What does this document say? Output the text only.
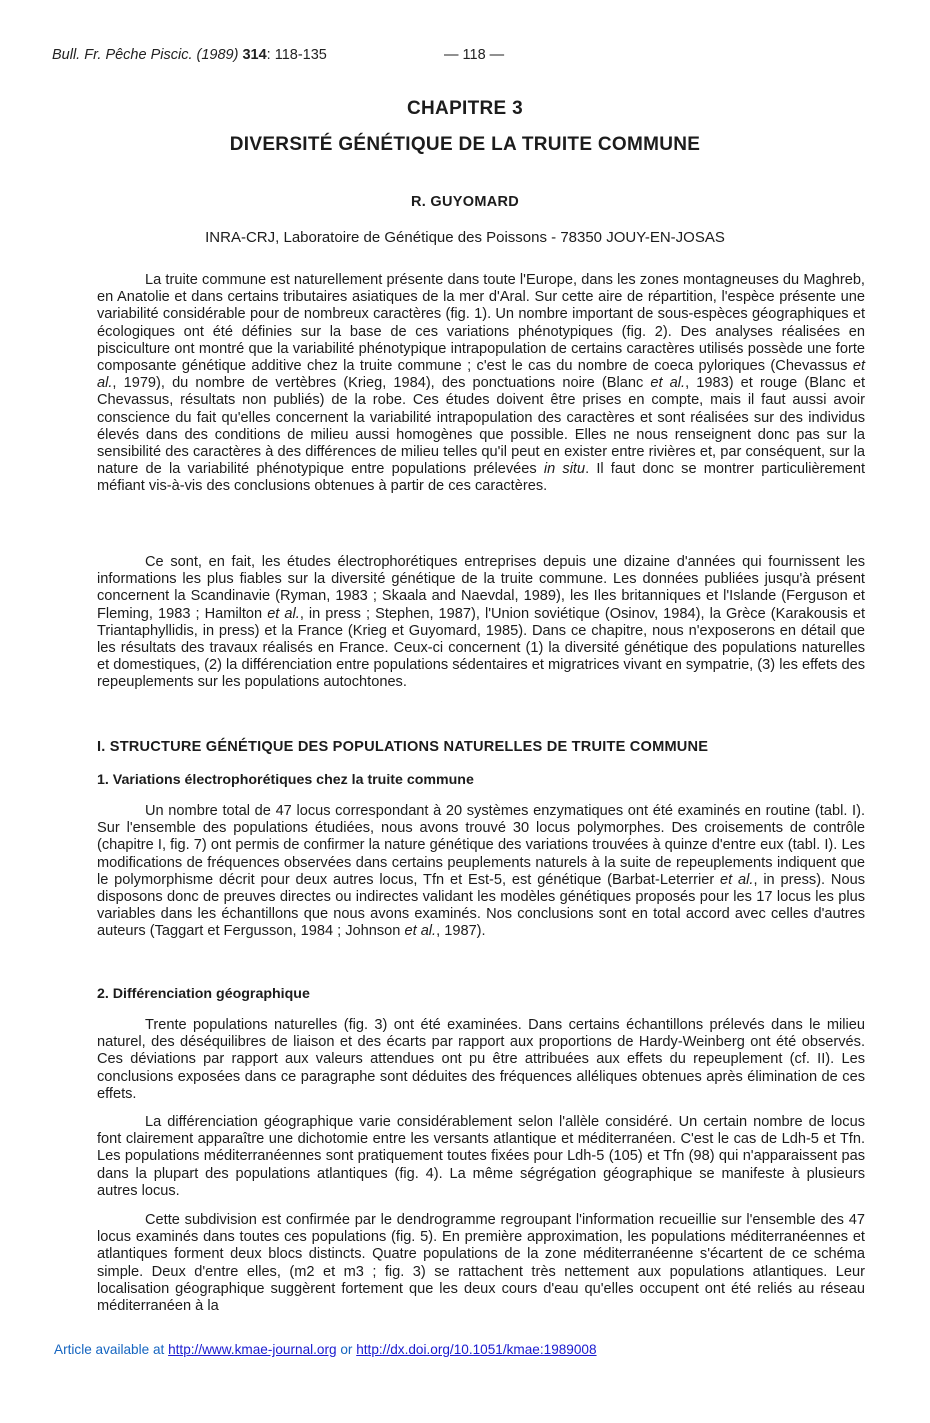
Bull. Fr. Pêche Piscic. (1989) 314: 118-135	— 118 —
CHAPITRE 3
DIVERSITÉ GÉNÉTIQUE DE LA TRUITE COMMUNE
R. GUYOMARD
INRA-CRJ, Laboratoire de Génétique des Poissons - 78350 JOUY-EN-JOSAS

La truite commune est naturellement présente dans toute l'Europe, dans les zones montagneuses du Maghreb, en Anatolie et dans certains tributaires asiatiques de la mer d'Aral. Sur cette aire de répartition, l'espèce présente une variabilité considérable pour de nombreux caractères (fig. 1). Un nombre important de sous-espèces géographiques et écologiques ont été définies sur la base de ces variations phénotypiques (fig. 2). Des analyses réalisées en pisciculture ont montré que la variabilité phénotypique intrapopulation de certains caractères utilisés possède une forte composante génétique additive chez la truite commune ; c'est le cas du nombre de coeca pyloriques (Chevassus et al., 1979), du nombre de vertèbres (Krieg, 1984), des ponctuations noire (Blanc et al., 1983) et rouge (Blanc et Chevassus, résultats non publiés) de la robe. Ces études doivent être prises en compte, mais il faut aussi avoir conscience du fait qu'elles concernent la variabilité intrapopulation des caractères et sont réalisées sur des individus élevés dans des conditions de milieu aussi homogènes que possible. Elles ne nous renseignent donc pas sur la sensibilité des caractères à des différences de milieu telles qu'il peut en exister entre rivières et, par conséquent, sur la nature de la variabilité phénotypique entre populations prélevées in situ. Il faut donc se montrer particulièrement méfiant vis-à-vis des conclusions obtenues à partir de ces caractères.

Ce sont, en fait, les études électrophorétiques entreprises depuis une dizaine d'années qui fournissent les informations les plus fiables sur la diversité génétique de la truite commune. Les données publiées jusqu'à présent concernent la Scandinavie (Ryman, 1983 ; Skaala and Naevdal, 1989), les Iles britanniques et l'Islande (Ferguson et Fleming, 1983 ; Hamilton et al., in press ; Stephen, 1987), l'Union soviétique (Osinov, 1984), la Grèce (Karakousis et Triantaphyllidis, in press) et la France (Krieg et Guyomard, 1985). Dans ce chapitre, nous n'exposerons en détail que les résultats des travaux réalisés en France. Ceux-ci concernent (1) la diversité génétique des populations naturelles et domestiques, (2) la différenciation entre populations sédentaires et migratrices vivant en sympatrie, (3) les effets des repeuplements sur les populations autochtones.

I. STRUCTURE GÉNÉTIQUE DES POPULATIONS NATURELLES DE TRUITE COMMUNE
1. Variations électrophorétiques chez la truite commune

Un nombre total de 47 locus correspondant à 20 systèmes enzymatiques ont été examinés en routine (tabl. I). Sur l'ensemble des populations étudiées, nous avons trouvé 30 locus polymorphes. Des croisements de contrôle (chapitre I, fig. 7) ont permis de confirmer la nature génétique des variations trouvées à quinze d'entre eux (tabl. I). Les modifications de fréquences observées dans certains peuplements naturels à la suite de repeuplements indiquent que le polymorphisme décrit pour deux autres locus, Tfn et Est-5, est génétique (Barbat-Leterrier et al., in press). Nous disposons donc de preuves directes ou indirectes validant les modèles génétiques proposés pour les 17 locus les plus variables dans les échantillons que nous avons examinés. Nos conclusions sont en total accord avec celles d'autres auteurs (Taggart et Fergusson, 1984 ; Johnson et al., 1987).

2. Différenciation géographique

Trente populations naturelles (fig. 3) ont été examinées. Dans certains échantillons prélevés dans le milieu naturel, des déséquilibres de liaison et des écarts par rapport aux proportions de Hardy-Weinberg ont été observés. Ces déviations par rapport aux valeurs attendues ont pu être attribuées aux effets du repeuplement (cf. II). Les conclusions exposées dans ce paragraphe sont déduites des fréquences alléliques obtenues après élimination de ces effets.

La différenciation géographique varie considérablement selon l'allèle considéré. Un certain nombre de locus font clairement apparaître une dichotomie entre les versants atlantique et méditerranéen. C'est le cas de Ldh-5 et Tfn. Les populations méditerranéennes sont pratiquement toutes fixées pour Ldh-5 (105) et Tfn (98) qui n'apparaissent pas dans la plupart des populations atlantiques (fig. 4). La même ségrégation géographique se manifeste à plusieurs autres locus.

Cette subdivision est confirmée par le dendrogramme regroupant l'information recueillie sur l'ensemble des 47 locus examinés dans toutes ces populations (fig. 5). En première approximation, les populations méditerranéennes et atlantiques forment deux blocs distincts. Quatre populations de la zone méditerranéenne s'écartent de ce schéma simple. Deux d'entre elles, (m2 et m3 ; fig. 3) se rattachent très nettement aux populations atlantiques. Leur localisation géographique suggèrent fortement que les deux cours d'eau qu'elles occupent ont été reliés au réseau méditerranéen à la

Article available at http://www.kmae-journal.org or http://dx.doi.org/10.1051/kmae:1989008
